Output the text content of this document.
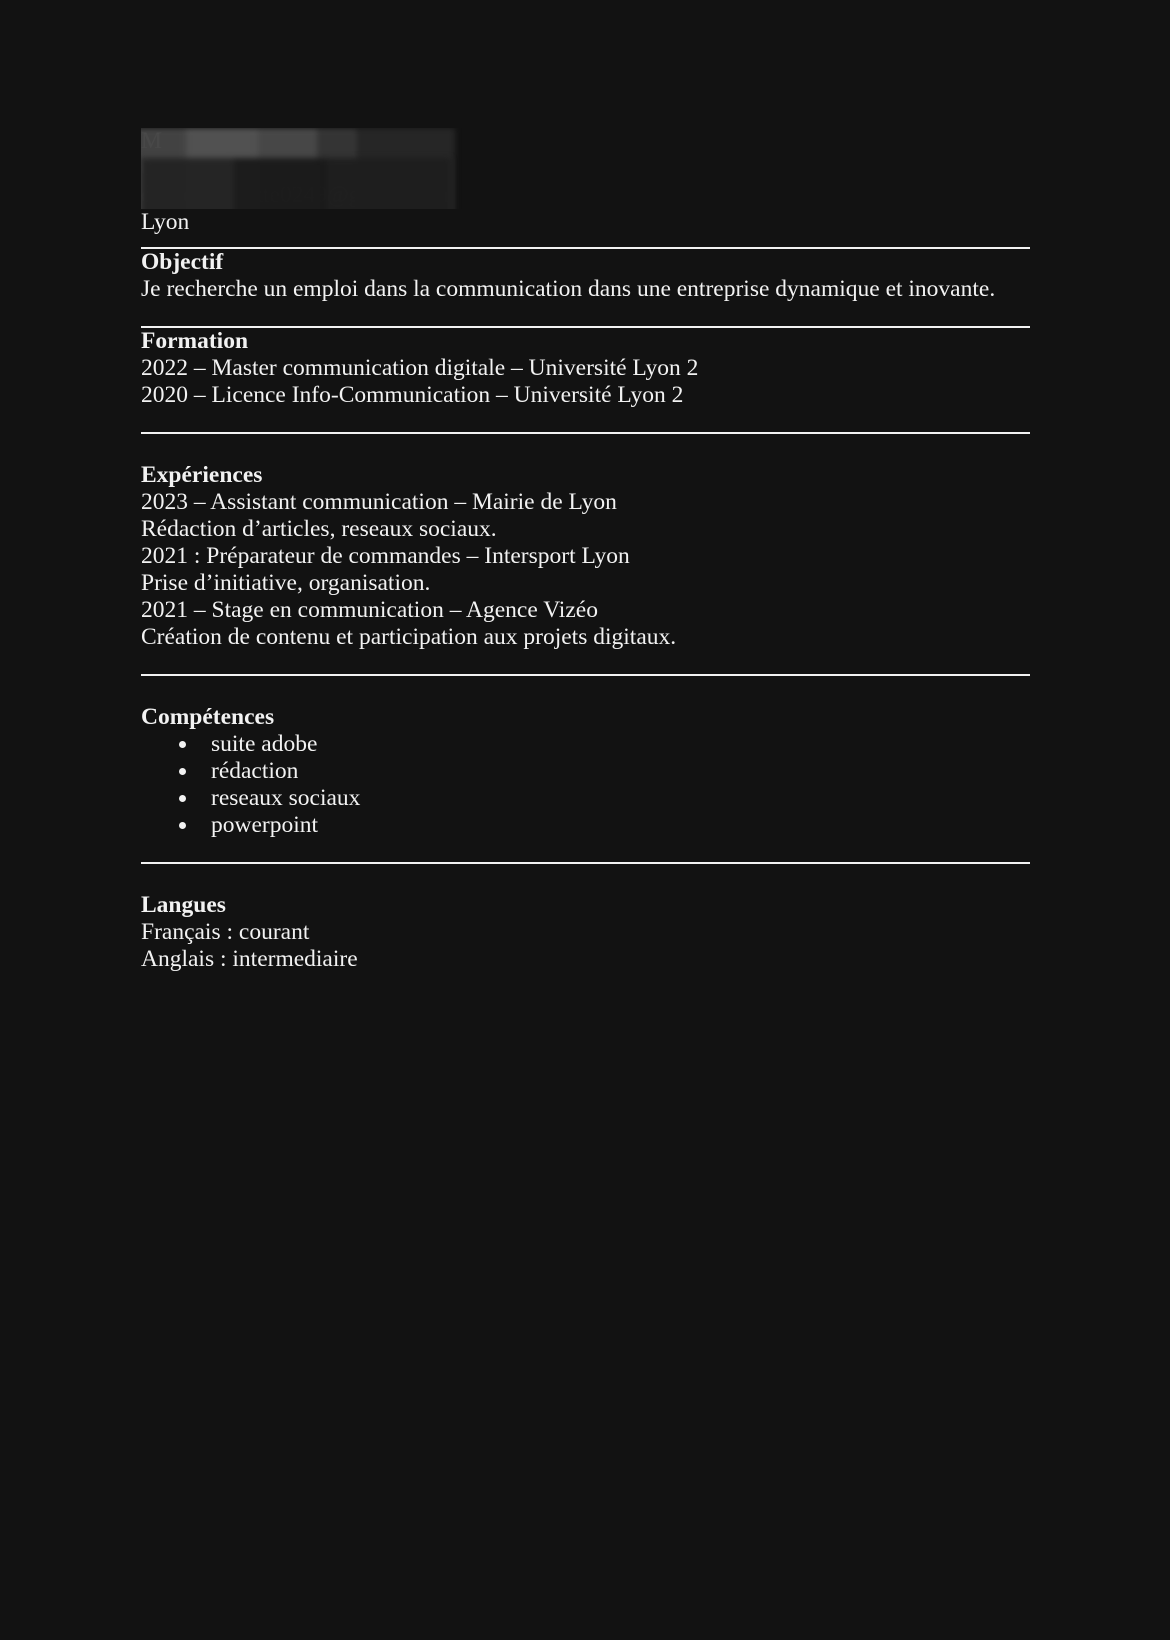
Lyon
Objectif
Je recherche un emploi dans la communication dans une entreprise dynamique et inovante.
Formation
2022 – Master communication digitale – Université Lyon 2
2020 – Licence Info-Communication – Université Lyon 2
Expériences
2023 – Assistant communication – Mairie de Lyon
Rédaction d’articles, reseaux sociaux.
2021 : Préparateur de commandes – Intersport Lyon
Prise d’initiative, organisation.
2021 – Stage en communication – Agence Vizéo
Création de contenu et participation aux projets digitaux.
Compétences
suite adobe
rédaction
reseaux sociaux
powerpoint
Langues
Français : courant
Anglais : intermediaire
